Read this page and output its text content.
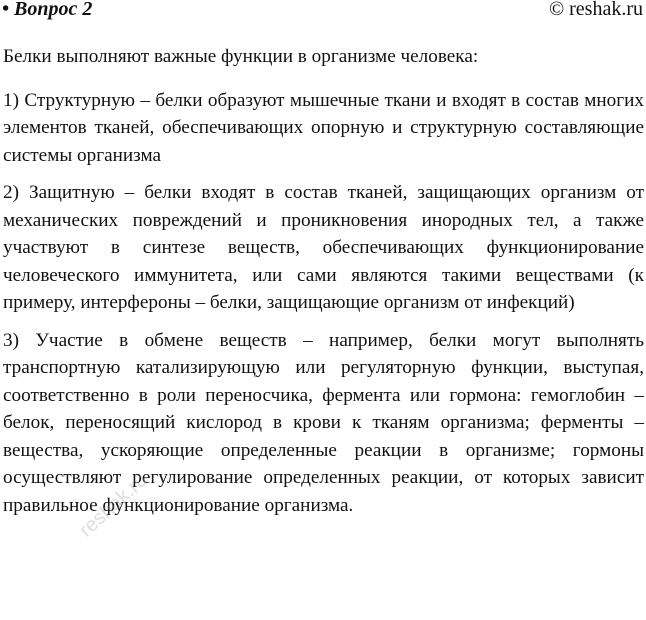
• Вопрос 2	© reshak.ru

Белки выполняют важные функции в организме человека:

1) Структурную – белки образуют мышечные ткани и входят в состав многих элементов тканей, обеспечивающих опорную и структурную составляющие системы организма

2) Защитную – белки входят в состав тканей, защищающих организм от механических повреждений и проникновения инородных тел, а также участвуют в синтезе веществ, обеспечивающих функционирование человеческого иммунитета, или сами являются такими веществами (к примеру, интерфероны – белки, защищающие организм от инфекций)

3) Участие в обмене веществ – например, белки могут выполнять транспортную катализирующую или регуляторную функции, выступая, соответственно в роли переносчика, фермента или гормона: гемоглобин – белок, переносящий кислород в крови к тканям организма; ферменты – вещества, ускоряющие определенные реакции в организме; гормоны осуществляют регулирование определенных реакции, от которых зависит правильное функционирование организма.

reshak.ru
